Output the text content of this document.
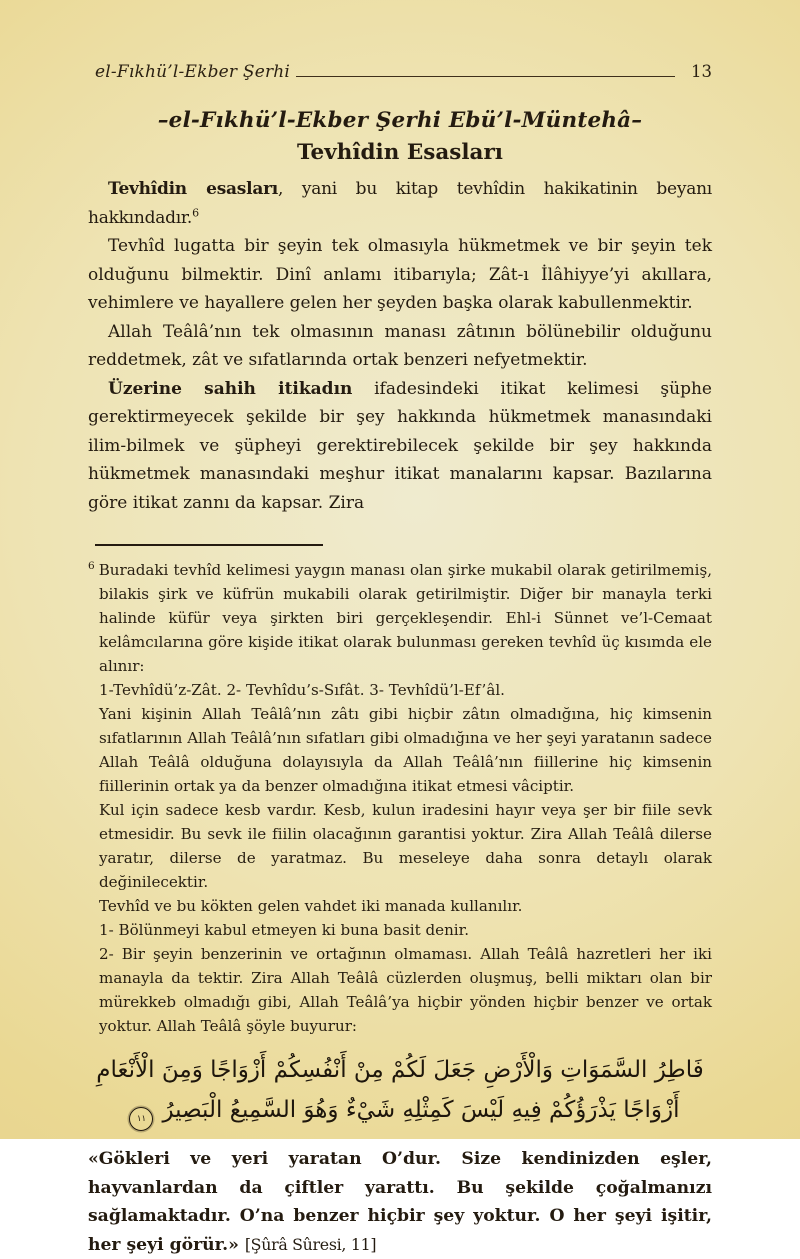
el-Fıkhü’l-Ekber Şerhi	13
–el-Fıkhü’l-Ekber Şerhi Ebü’l-Müntehâ–
Tevhîdin Esasları

Tevhîdin esasları, yani bu kitap tevhîdin hakikatinin beyanı hakkındadır.$^6$

Tevhîd lugatta bir şeyin tek olmasıyla hükmetmek ve bir şeyin tek olduğunu bilmektir. Dinî anlamı itibarıyla; Zât-ı İlâhiyye’yi akıllara, vehimlere ve hayallere gelen her şeyden başka olarak kabullenmektir.

Allah Teâlâ’nın tek olmasının manası zâtının bölünebilir olduğunu reddetmek, zât ve sıfatlarında ortak benzeri nefyetmektir.

Üzerine sahih itikadın ifadesindeki itikat kelimesi şüphe gerektirmeyecek şekilde bir şey hakkında hükmetmek manasındaki ilim-bilmek ve şüpheyi gerektirebilecek şekilde bir şey hakkında hükmetmek manasındaki meşhur itikat manalarını kapsar. Bazılarına göre itikat zannı da kapsar. Zira

$^6$ Buradaki tevhîd kelimesi yaygın manası olan şirke mukabil olarak getirilmemiş, bilakis şirk ve küfrün mukabili olarak getirilmiştir. Diğer bir manayla terki halinde küfür veya şirkten biri gerçekleşendir. Ehl-i Sünnet ve’l-Cemaat kelâmcılarına göre kişide itikat olarak bulunması gereken tevhîd üç kısımda ele alınır:

1-Tevhîdü’z-Zât. 2- Tevhîdu’s-Sıfât. 3- Tevhîdü’l-Ef’âl.

Yani kişinin Allah Teâlâ’nın zâtı gibi hiçbir zâtın olmadığına, hiç kimsenin sıfatlarının Allah Teâlâ’nın sıfatları gibi olmadığına ve her şeyi yaratanın sadece Allah Teâlâ olduğuna dolayısıyla da Allah Teâlâ’nın fiillerine hiç kimsenin fiillerinin ortak ya da benzer olmadığına itikat etmesi vâciptir.

Kul için sadece kesb vardır. Kesb, kulun iradesini hayır veya şer bir fiile sevk etmesidir. Bu sevk ile fiilin olacağının garantisi yoktur. Zira Allah Teâlâ dilerse yaratır, dilerse de yaratmaz. Bu meseleye daha sonra detaylı olarak değinilecektir.

Tevhîd ve bu kökten gelen vahdet iki manada kullanılır.

1- Bölünmeyi kabul etmeyen ki buna basit denir.

2- Bir şeyin benzerinin ve ortağının olmaması. Allah Teâlâ hazretleri her iki manayla da tektir. Zira Allah Teâlâ cüzlerden oluşmuş, belli miktarı olan bir mürekkeb olmadığı gibi, Allah Teâlâ’ya hiçbir yönden hiçbir benzer ve ortak yoktur. Allah Teâlâ şöyle buyurur:

فَاطِرُ السَّمَوَاتِ وَالْأَرْضِ جَعَلَ لَكُمْ مِنْ أَنْفُسِكُمْ أَزْوَاجًا وَمِنَ الْأَنْعَامِ
أَزْوَاجًا يَذْرَؤُكُمْ فِيهِ لَيْسَ كَمِثْلِهِ شَيْءٌ وَهُوَ السَّمِيعُ الْبَصِيرُ١١

«Gökleri ve yeri yaratan O’dur. Size kendinizden eşler, hayvanlardan da çiftler yarattı. Bu şekilde çoğalmanızı sağlamaktadır. O’na benzer hiçbir şey yoktur. O her şeyi işitir, her şeyi görür.» [Şûrâ Sûresi, 11]
